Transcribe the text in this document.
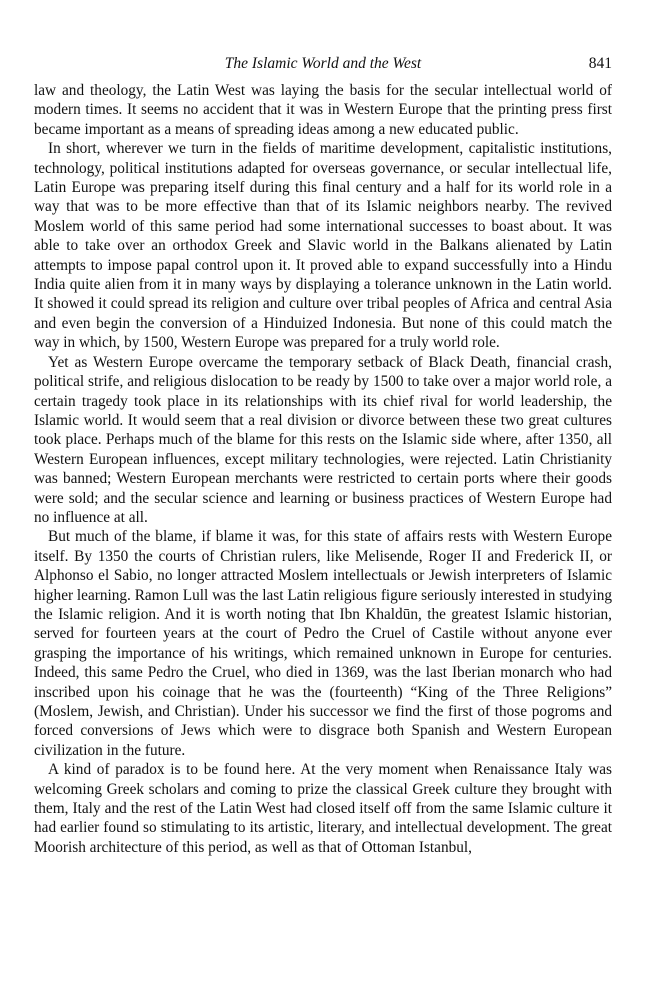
The Islamic World and the West	841

law and theology, the Latin West was laying the basis for the secular intellectual world of modern times. It seems no accident that it was in Western Europe that the printing press first became important as a means of spreading ideas among a new educated public.

In short, wherever we turn in the fields of maritime development, capitalistic institutions, technology, political institutions adapted for overseas governance, or secular intellectual life, Latin Europe was preparing itself during this final century and a half for its world role in a way that was to be more effective than that of its Islamic neighbors nearby. The revived Moslem world of this same period had some international successes to boast about. It was able to take over an orthodox Greek and Slavic world in the Balkans alienated by Latin attempts to impose papal control upon it. It proved able to expand successfully into a Hindu India quite alien from it in many ways by displaying a tolerance unknown in the Latin world. It showed it could spread its religion and culture over tribal peoples of Africa and central Asia and even begin the conversion of a Hinduized Indonesia. But none of this could match the way in which, by 1500, Western Europe was prepared for a truly world role.

Yet as Western Europe overcame the temporary setback of Black Death, financial crash, political strife, and religious dislocation to be ready by 1500 to take over a major world role, a certain tragedy took place in its relationships with its chief rival for world leadership, the Islamic world. It would seem that a real division or divorce between these two great cultures took place. Perhaps much of the blame for this rests on the Islamic side where, after 1350, all Western European influences, except military technologies, were rejected. Latin Christianity was banned; Western European merchants were restricted to certain ports where their goods were sold; and the secular science and learning or business practices of Western Europe had no influence at all.

But much of the blame, if blame it was, for this state of affairs rests with Western Europe itself. By 1350 the courts of Christian rulers, like Melisende, Roger II and Frederick II, or Alphonso el Sabio, no longer attracted Moslem intellectuals or Jewish interpreters of Islamic higher learning. Ramon Lull was the last Latin religious figure seriously interested in studying the Islamic religion. And it is worth noting that Ibn Khaldūn, the greatest Islamic historian, served for fourteen years at the court of Pedro the Cruel of Castile without anyone ever grasping the importance of his writings, which remained unknown in Europe for centuries. Indeed, this same Pedro the Cruel, who died in 1369, was the last Iberian monarch who had inscribed upon his coinage that he was the (fourteenth) “King of the Three Religions” (Moslem, Jewish, and Christian). Under his successor we find the first of those pogroms and forced conversions of Jews which were to disgrace both Spanish and Western European civilization in the future.

A kind of paradox is to be found here. At the very moment when Renaissance Italy was welcoming Greek scholars and coming to prize the classical Greek culture they brought with them, Italy and the rest of the Latin West had closed itself off from the same Islamic culture it had earlier found so stimulating to its artistic, literary, and intellectual development. The great Moorish architecture of this period, as well as that of Ottoman Istanbul,
